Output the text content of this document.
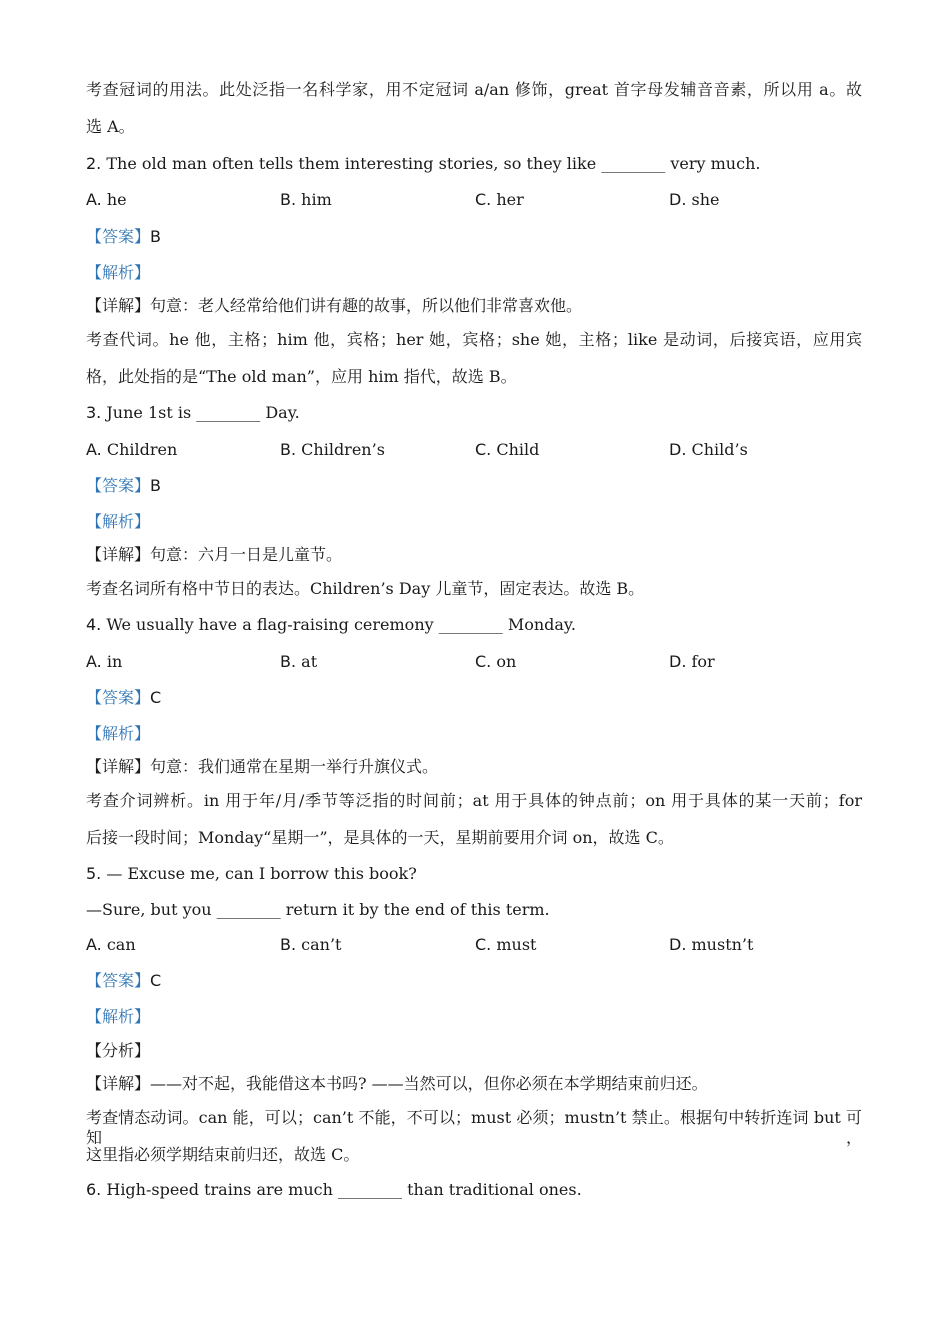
考查冠词的用法。此处泛指一名科学家，用不定冠词 a/an 修饰，great 首字母发辅音音素，所以用 a。故
选 A。
2. The old man often tells them interesting stories, so they like ________ very much.
A. he	B. him	C. her	D. she
【答案】B
【解析】
【详解】句意：老人经常给他们讲有趣的故事，所以他们非常喜欢他。
考查代词。he 他，主格；him 他，宾格；her 她，宾格；she 她，主格；like 是动词，后接宾语，应用宾
格，此处指的是“The old man”，应用 him 指代，故选 B。
3. June 1st is ________ Day.
A. Children	B. Children’s	C. Child	D. Child’s
【答案】B
【解析】
【详解】句意：六月一日是儿童节。
考查名词所有格中节日的表达。Children’s Day 儿童节，固定表达。故选 B。
4. We usually have a flag-raising ceremony ________ Monday.
A. in	B. at	C. on	D. for
【答案】C
【解析】
【详解】句意：我们通常在星期一举行升旗仪式。
考查介词辨析。in 用于年/月/季节等泛指的时间前；at 用于具体的钟点前；on 用于具体的某一天前；for
后接一段时间；Monday“星期一”，是具体的一天，星期前要用介词 on，故选 C。
5. — Excuse me, can I borrow this book?
—Sure, but you ________ return it by the end of this term.
A. can	B. can’t	C. must	D. mustn’t
【答案】C
【解析】
【分析】
【详解】——对不起，我能借这本书吗? ——当然可以，但你必须在本学期结束前归还。
考查情态动词。can 能，可以；can’t 不能，不可以；must 必须；mustn’t 禁止。根据句中转折连词 but 可知，
这里指必须学期结束前归还，故选 C。
6. High-speed trains are much ________ than traditional ones.
